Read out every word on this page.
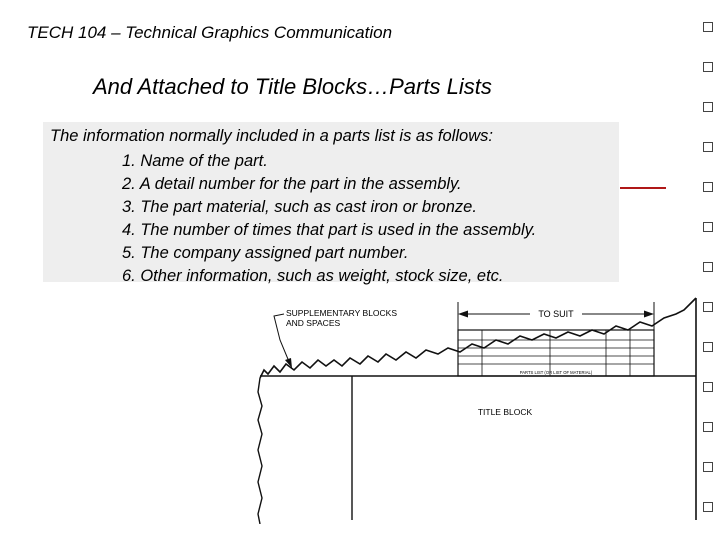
TECH 104 – Technical Graphics Communication
And Attached to Title Blocks…Parts Lists
The information normally included in a parts list is as follows:
1. Name of the part.
2. A detail number for the part in the assembly.
3. The part material, such as cast iron or bronze.
4. The number of times that part is used in the assembly.
5. The company assigned part number.
6. Other information, such as weight, stock size, etc.
TO SUIT
SUPPLEMENTARY BLOCKS
AND SPACES
PARTS LIST (OR LIST OF MATERIAL)
TITLE BLOCK
